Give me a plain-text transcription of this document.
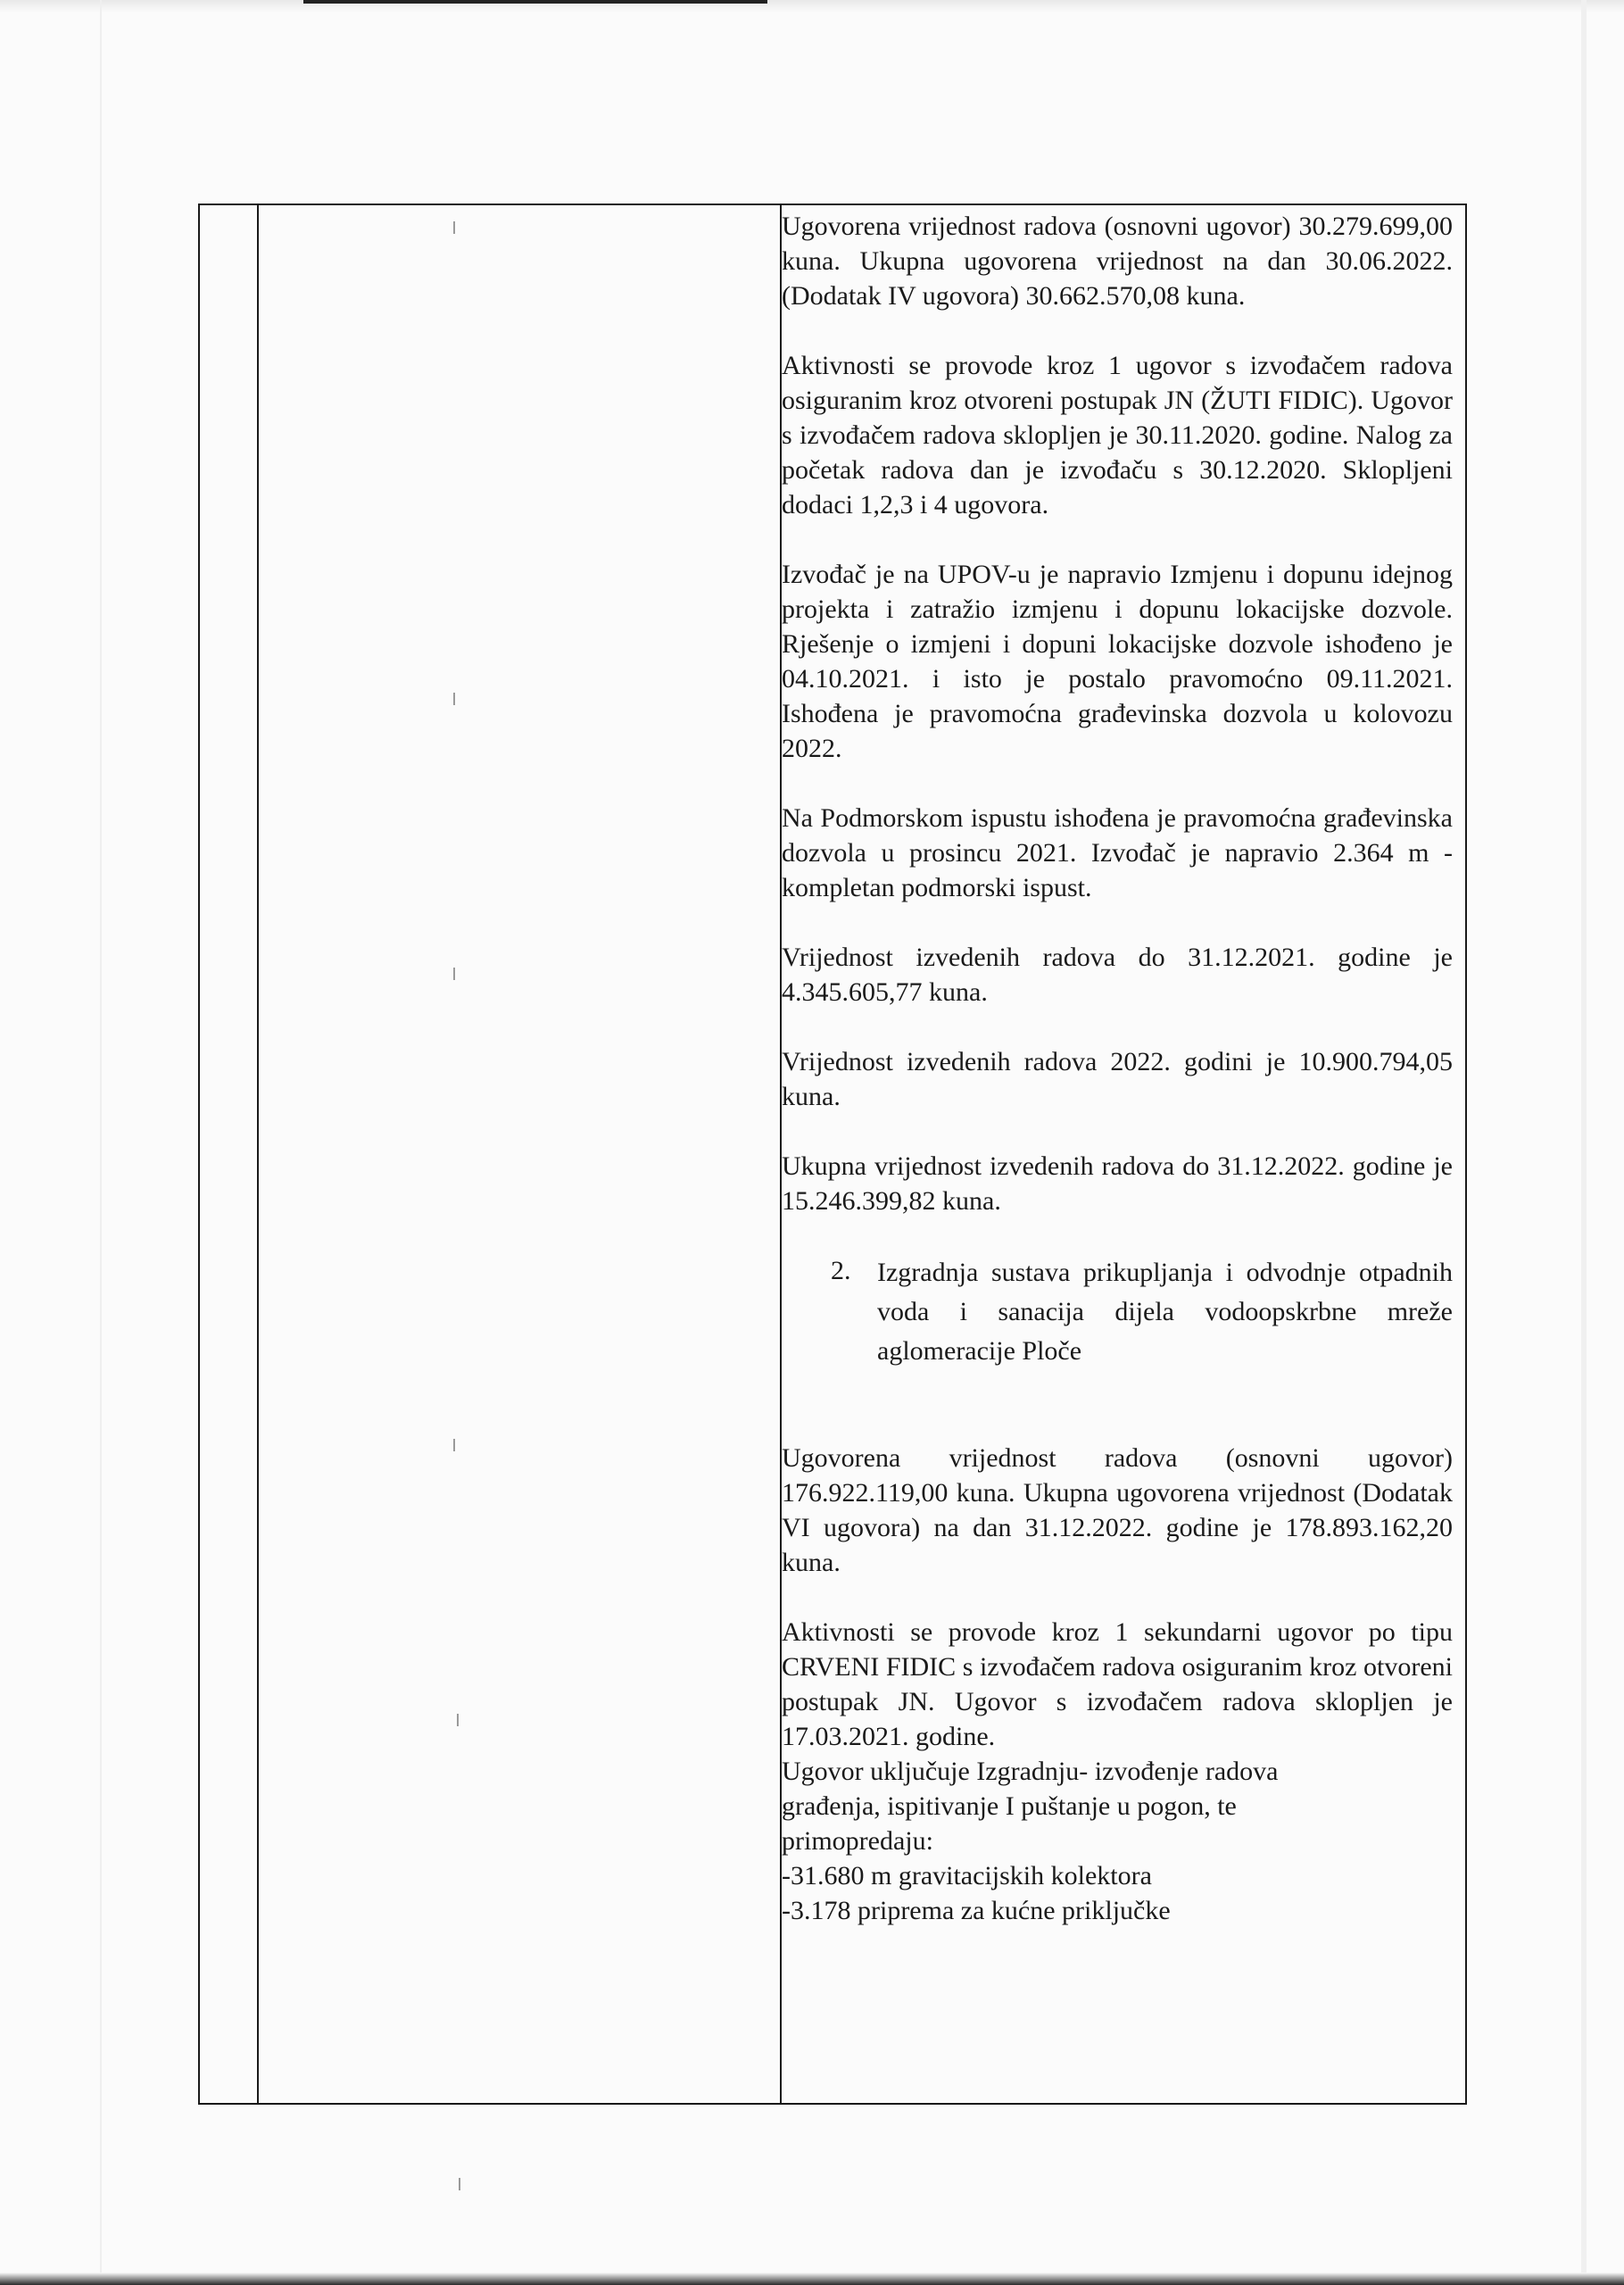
Ugovorena vrijednost radova (osnovni ugovor) 30.279.699,00 kuna. Ukupna ugovorena vrijednost na dan 30.06.2022. (Dodatak IV ugovora) 30.662.570,08 kuna.

Aktivnosti se provode kroz 1 ugovor s izvođačem radova osiguranim kroz otvoreni postupak JN (ŽUTI FIDIC). Ugovor s izvođačem radova sklopljen je 30.11.2020. godine. Nalog za početak radova dan je izvođaču s 30.12.2020. Sklopljeni dodaci 1,2,3 i 4 ugovora.

Izvođač je na UPOV-u je napravio Izmjenu i dopunu idejnog projekta i zatražio izmjenu i dopunu lokacijske dozvole. Rješenje o izmjeni i dopuni lokacijske dozvole ishođeno je 04.10.2021. i isto je postalo pravomoćno 09.11.2021. Ishođena je pravomoćna građevinska dozvola u kolovozu 2022.

Na Podmorskom ispustu ishođena je pravomoćna građevinska dozvola u prosincu 2021. Izvođač je napravio 2.364 m - kompletan podmorski ispust.

Vrijednost izvedenih radova do 31.12.2021. godine je 4.345.605,77 kuna.

Vrijednost izvedenih radova 2022. godini je 10.900.794,05 kuna.

Ukupna vrijednost izvedenih radova do 31.12.2022. godine je 15.246.399,82 kuna.

2. Izgradnja sustava prikupljanja i odvodnje otpadnih voda i sanacija dijela vodoopskrbne mreže aglomeracije Ploče

Ugovorena vrijednost radova (osnovni ugovor) 176.922.119,00 kuna. Ukupna ugovorena vrijednost (Dodatak VI ugovora) na dan 31.12.2022. godine je 178.893.162,20 kuna.

Aktivnosti se provode kroz 1 sekundarni ugovor po tipu CRVENI FIDIC s izvođačem radova osiguranim kroz otvoreni postupak JN. Ugovor s izvođačem radova sklopljen je 17.03.2021. godine.

Ugovor uključuje Izgradnju- izvođenje radova
građenja, ispitivanje I puštanje u pogon, te
primopredaju:
-31.680 m gravitacijskih kolektora
-3.178 priprema za kućne priključke
